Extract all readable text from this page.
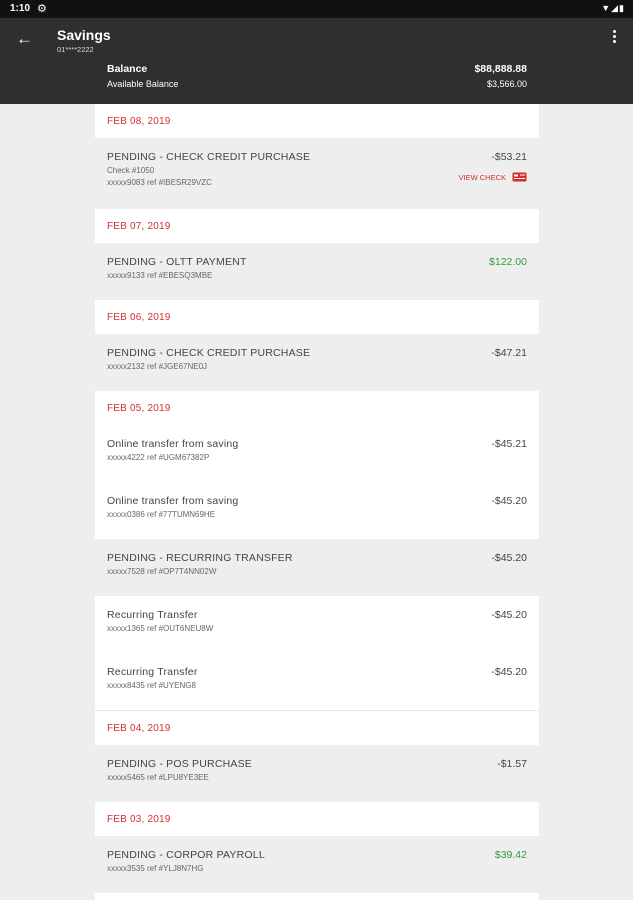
1:10 ⚙	▼◢▮
← Savings
01****2222
Balance	$88,888.88
Available Balance	$3,566.00
FEB 08, 2019
PENDING - CHECK CREDIT PURCHASE
Check #1050
xxxxx9083 ref #IBESR29VZC
-$53.21
VIEW CHECK
FEB 07, 2019
PENDING - OLTT PAYMENT
xxxxx9133 ref #EBESQ3MBE
$122.00
FEB 06, 2019
PENDING - CHECK CREDIT PURCHASE
xxxxx2132 ref #JGE67NE0J
-$47.21
FEB 05, 2019
Online transfer from saving
xxxxx4222 ref #UGM67382P
-$45.21
Online transfer from saving
xxxxx0386 ref #77TUMN69HE
-$45.20
PENDING - RECURRING TRANSFER
xxxxx7528 ref #OP7T4NN02W
-$45.20
Recurring Transfer
xxxxx1365 ref #OUT6NEU8W
-$45.20
Recurring Transfer
xxxxx8435 ref #UYENG8
-$45.20
FEB 04, 2019
PENDING - POS PURCHASE
xxxxx5465 ref #LPU8YE3EE
-$1.57
FEB 03, 2019
PENDING - CORPOR PAYROLL
xxxxx3535 ref #YLJ8N7HG
$39.42
